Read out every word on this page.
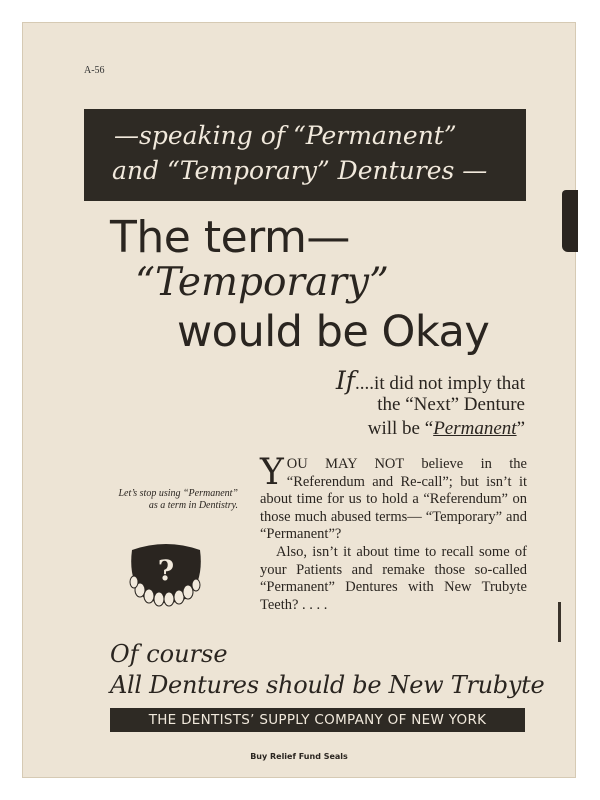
A-56
—speaking of “Permanent”
and “Temporary” Dentures —
The term—
“Temporary”
would be Okay
If....it did not imply that
the “Next” Denture
will be “Permanent”
Let’s stop using “Permanent” as a term in Dentistry.
?

YOU MAY NOT believe in the “Referendum and Re-call”; but isn’t it about time for us to hold a “Referendum” on those much abused terms— “Temporary” and “Permanent”?

Also, isn’t it about time to recall some of your Patients and remake those so-called “Permanent” Dentures with New Trubyte Teeth? . . . .

Of course
All Dentures should be New Trubyte
THE DENTISTS’ SUPPLY COMPANY OF NEW YORK
Buy Relief Fund Seals
